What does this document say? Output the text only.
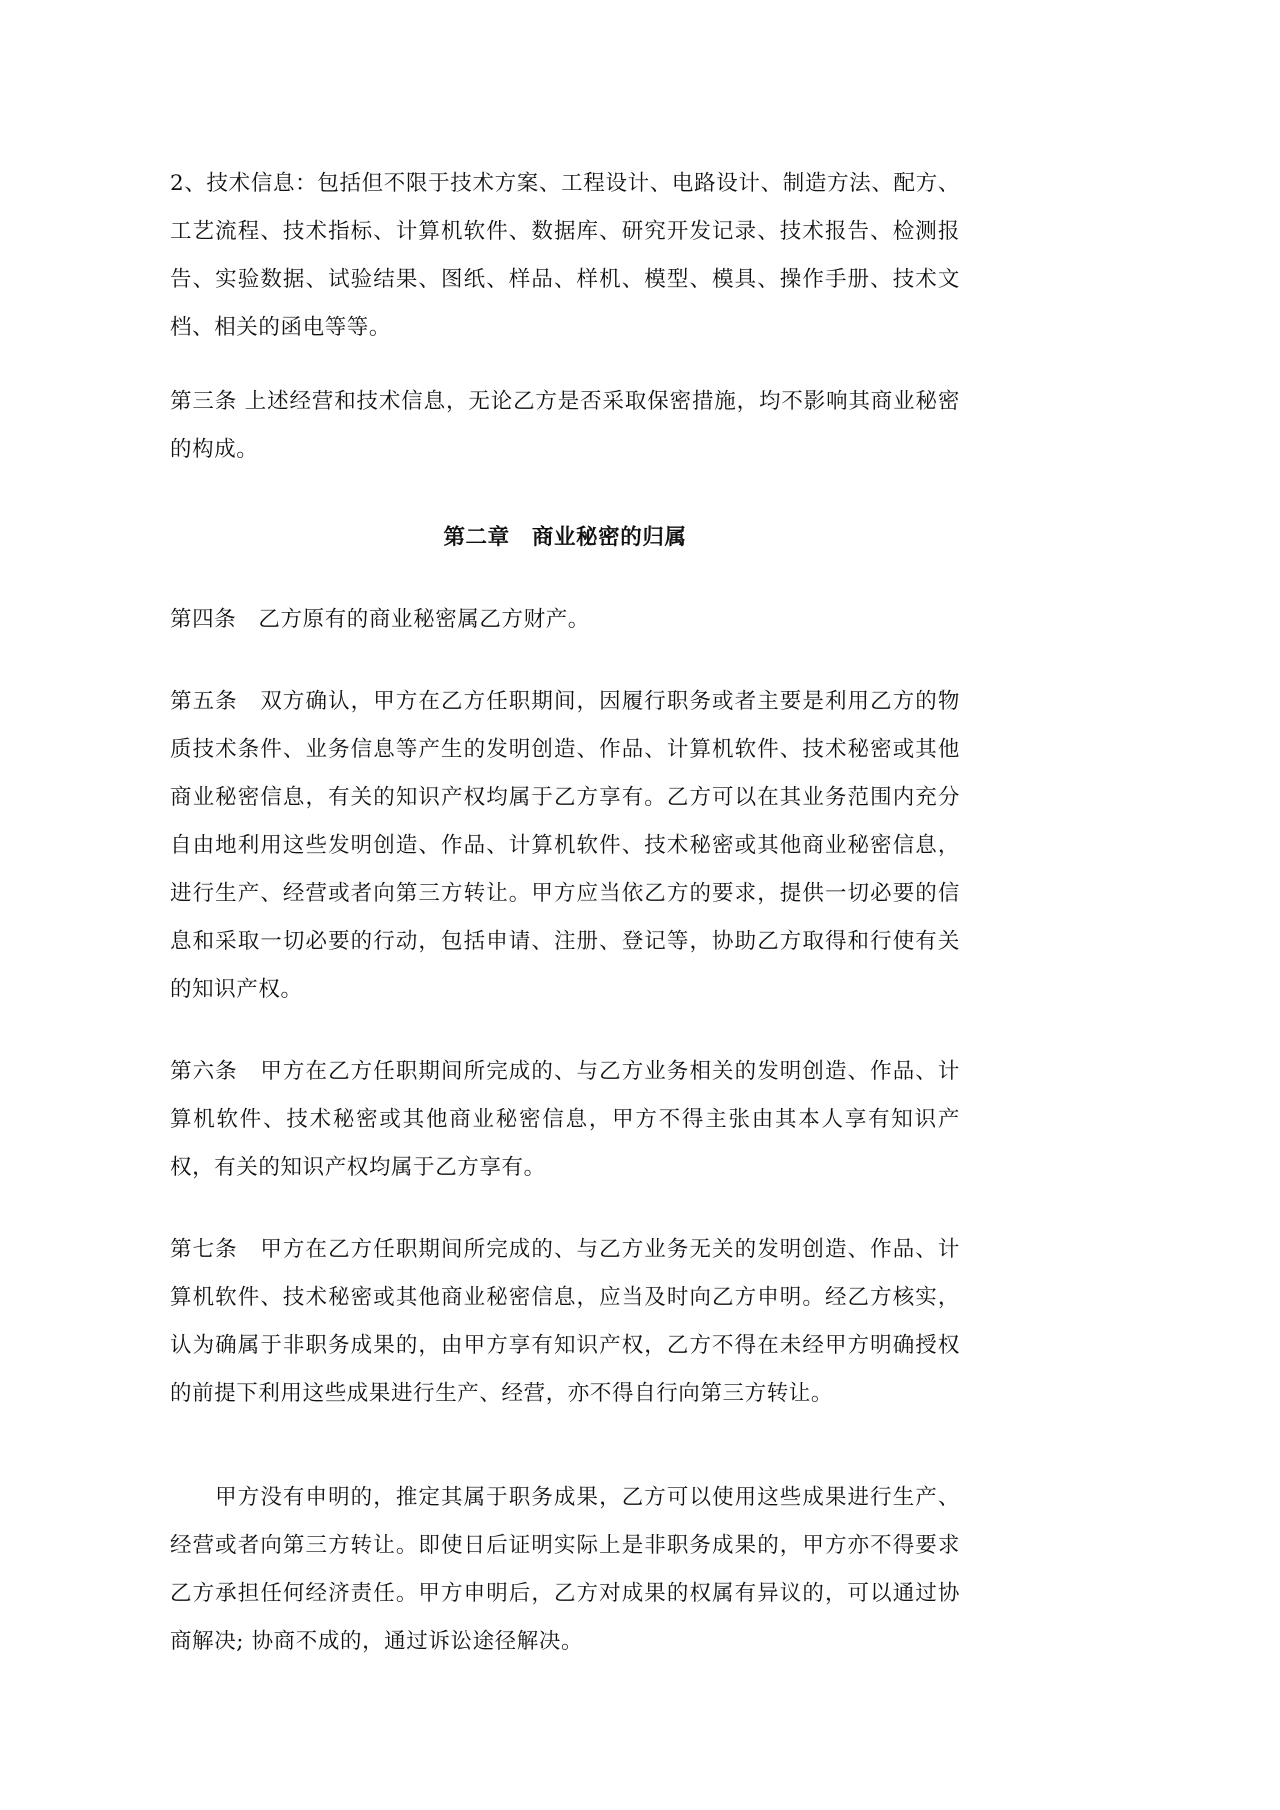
2、技术信息：包括但不限于技术方案、工程设计、电路设计、制造方法、配方、工艺流程、技术指标、计算机软件、数据库、研究开发记录、技术报告、检测报告、实验数据、试验结果、图纸、样品、样机、模型、模具、操作手册、技术文档、相关的函电等等。

第三条 上述经营和技术信息，无论乙方是否采取保密措施，均不影响其商业秘密的构成。

第二章　商业秘密的归属

第四条　乙方原有的商业秘密属乙方财产。

第五条　双方确认，甲方在乙方任职期间，因履行职务或者主要是利用乙方的物质技术条件、业务信息等产生的发明创造、作品、计算机软件、技术秘密或其他商业秘密信息，有关的知识产权均属于乙方享有。乙方可以在其业务范围内充分自由地利用这些发明创造、作品、计算机软件、技术秘密或其他商业秘密信息，进行生产、经营或者向第三方转让。甲方应当依乙方的要求，提供一切必要的信息和采取一切必要的行动，包括申请、注册、登记等，协助乙方取得和行使有关的知识产权。

第六条　甲方在乙方任职期间所完成的、与乙方业务相关的发明创造、作品、计算机软件、技术秘密或其他商业秘密信息，甲方不得主张由其本人享有知识产权，有关的知识产权均属于乙方享有。

第七条　甲方在乙方任职期间所完成的、与乙方业务无关的发明创造、作品、计算机软件、技术秘密或其他商业秘密信息，应当及时向乙方申明。经乙方核实，认为确属于非职务成果的，由甲方享有知识产权，乙方不得在未经甲方明确授权的前提下利用这些成果进行生产、经营，亦不得自行向第三方转让。

甲方没有申明的，推定其属于职务成果，乙方可以使用这些成果进行生产、经营或者向第三方转让。即使日后证明实际上是非职务成果的，甲方亦不得要求乙方承担任何经济责任。甲方申明后，乙方对成果的权属有异议的，可以通过协商解决; 协商不成的，通过诉讼途径解决。
